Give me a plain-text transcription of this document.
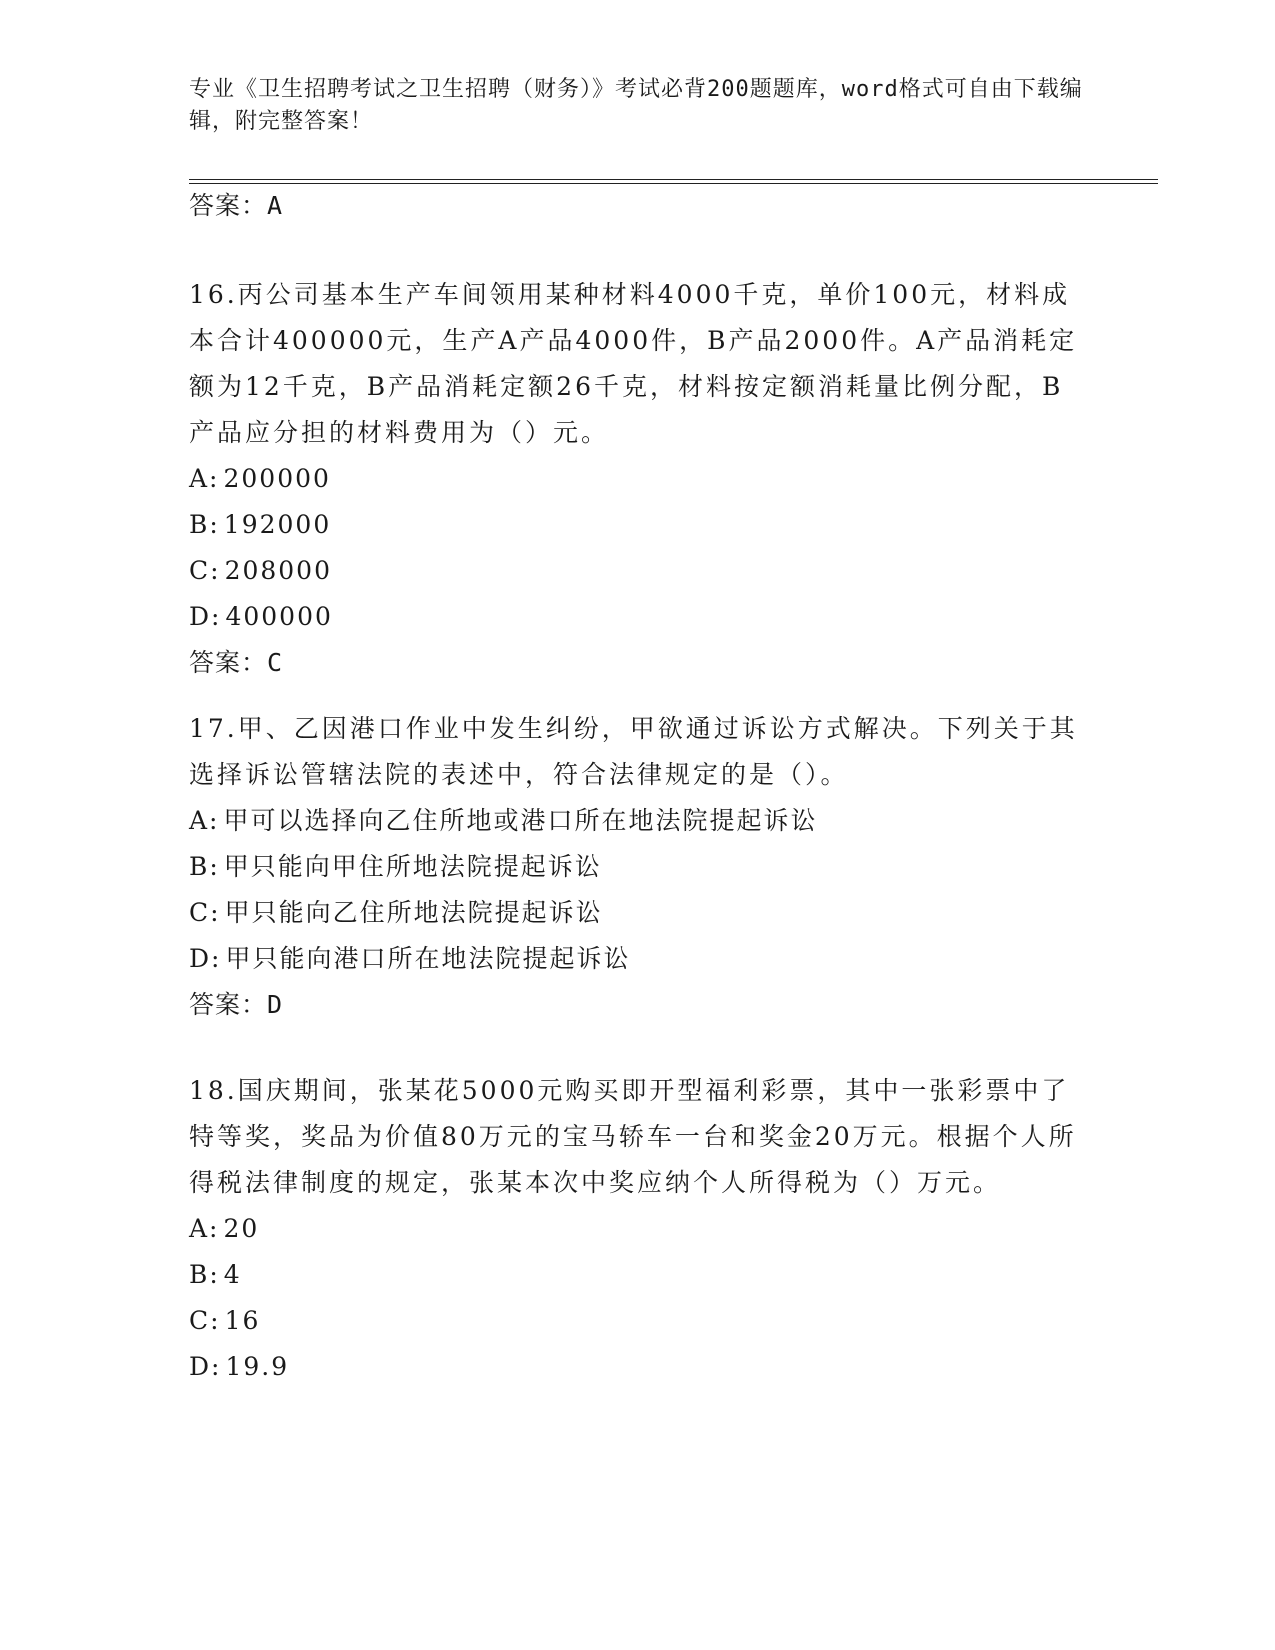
专业《卫生招聘考试之卫生招聘（财务）》考试必背200题题库，word格式可自由下载编辑，附完整答案！
答案：A
16.丙公司基本生产车间领用某种材料4000千克，单价100元，材料成本合计400000元，生产A产品4000件，B产品2000件。A产品消耗定额为12千克，B产品消耗定额26千克，材料按定额消耗量比例分配，B产品应分担的材料费用为（）元。
A: 200000
B: 192000
C: 208000
D: 400000
答案：C
17.甲、乙因港口作业中发生纠纷，甲欲通过诉讼方式解决。下列关于其选择诉讼管辖法院的表述中，符合法律规定的是（）。
A: 甲可以选择向乙住所地或港口所在地法院提起诉讼
B: 甲只能向甲住所地法院提起诉讼
C: 甲只能向乙住所地法院提起诉讼
D: 甲只能向港口所在地法院提起诉讼
答案：D
18.国庆期间，张某花5000元购买即开型福利彩票，其中一张彩票中了特等奖，奖品为价值80万元的宝马轿车一台和奖金20万元。根据个人所得税法律制度的规定，张某本次中奖应纳个人所得税为（）万元。
A: 20
B: 4
C: 16
D: 19.9
